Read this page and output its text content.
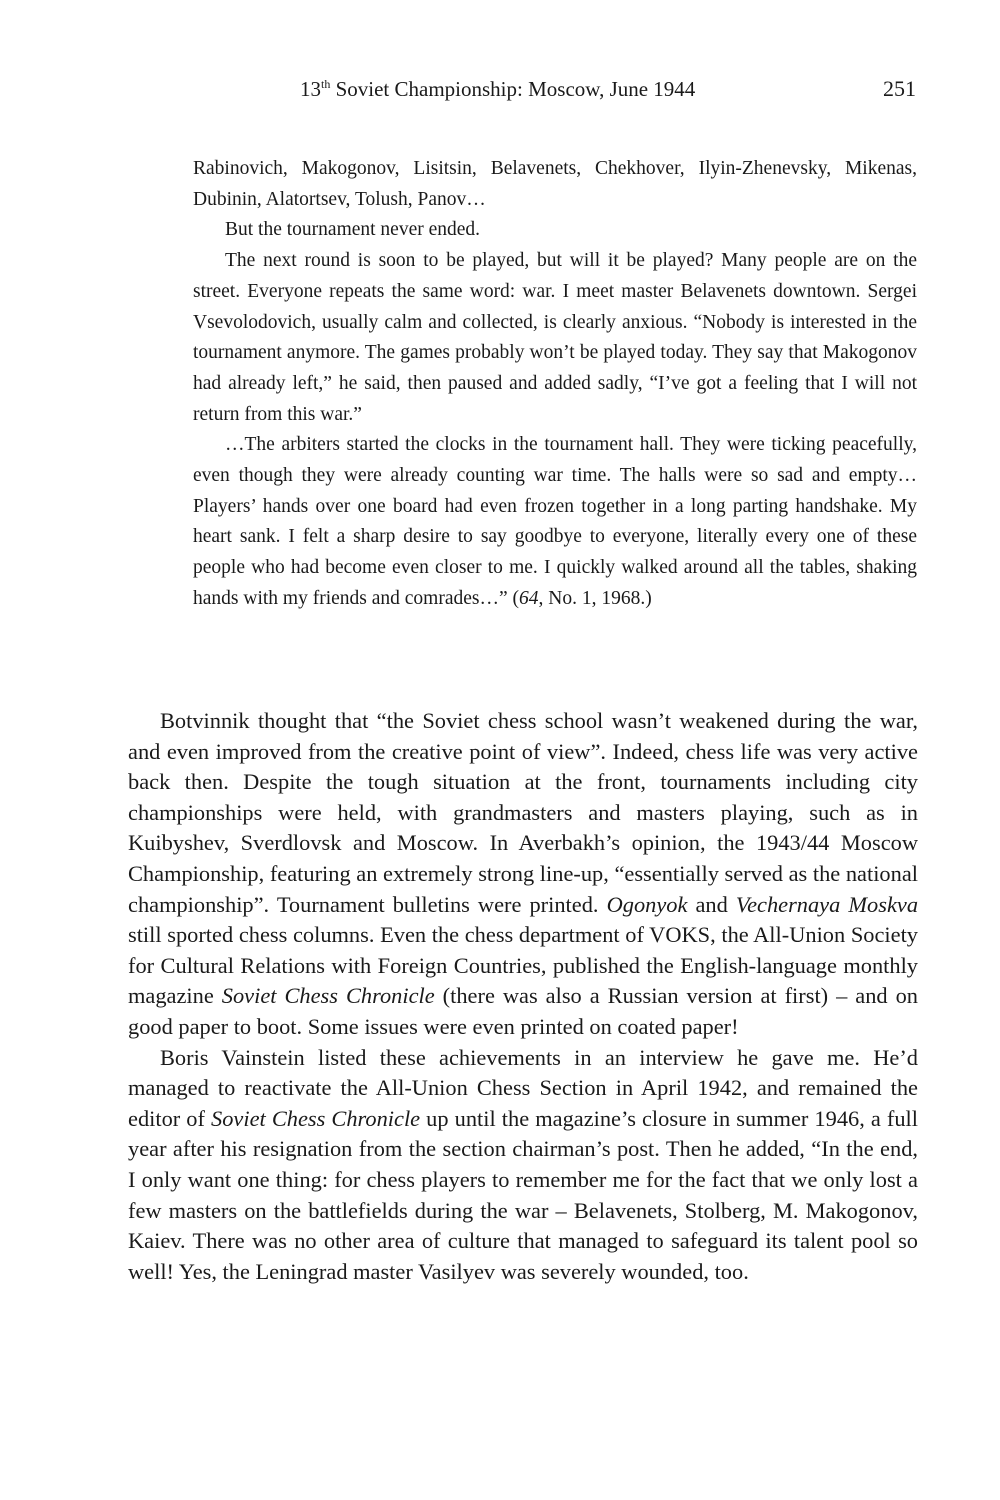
13th Soviet Championship: Moscow, June 1944	251

Rabinovich, Makogonov, Lisitsin, Belavenets, Chekhover, Ilyin-Zhenevsky, Mikenas, Dubinin, Alatortsev, Tolush, Panov…

But the tournament never ended.

The next round is soon to be played, but will it be played? Many people are on the street. Everyone repeats the same word: war. I meet master Belavenets downtown. Sergei Vsevolodovich, usually calm and collected, is clearly anxious. “Nobody is interested in the tournament anymore. The games probably won’t be played today. They say that Makogonov had already left,” he said, then paused and added sadly, “I’ve got a feeling that I will not return from this war.”

…The arbiters started the clocks in the tournament hall. They were ticking peacefully, even though they were already counting war time. The halls were so sad and empty… Players’ hands over one board had even frozen together in a long parting handshake. My heart sank. I felt a sharp desire to say goodbye to everyone, literally every one of these people who had become even closer to me. I quickly walked around all the tables, shaking hands with my friends and comrades…” (64, No. 1, 1968.)

Botvinnik thought that “the Soviet chess school wasn’t weakened during the war, and even improved from the creative point of view”. Indeed, chess life was very active back then. Despite the tough situation at the front, tournaments including city championships were held, with grandmasters and masters playing, such as in Kuibyshev, Sverdlovsk and Moscow. In Averbakh’s opinion, the 1943/44 Moscow Championship, featuring an extremely strong line-up, “essentially served as the national championship”. Tournament bulletins were printed. Ogonyok and Vechernaya Moskva still sported chess columns. Even the chess department of VOKS, the All-Union Society for Cultural Relations with Foreign Countries, published the English-language monthly magazine Soviet Chess Chronicle (there was also a Russian version at first) – and on good paper to boot. Some issues were even printed on coated paper!

Boris Vainstein listed these achievements in an interview he gave me. He’d managed to reactivate the All-Union Chess Section in April 1942, and remained the editor of Soviet Chess Chronicle up until the magazine’s closure in summer 1946, a full year after his resignation from the section chairman’s post. Then he added, “In the end, I only want one thing: for chess players to remember me for the fact that we only lost a few masters on the battlefields during the war – Belavenets, Stolberg, M. Makogonov, Kaiev. There was no other area of culture that managed to safeguard its talent pool so well! Yes, the Leningrad master Vasilyev was severely wounded, too.
